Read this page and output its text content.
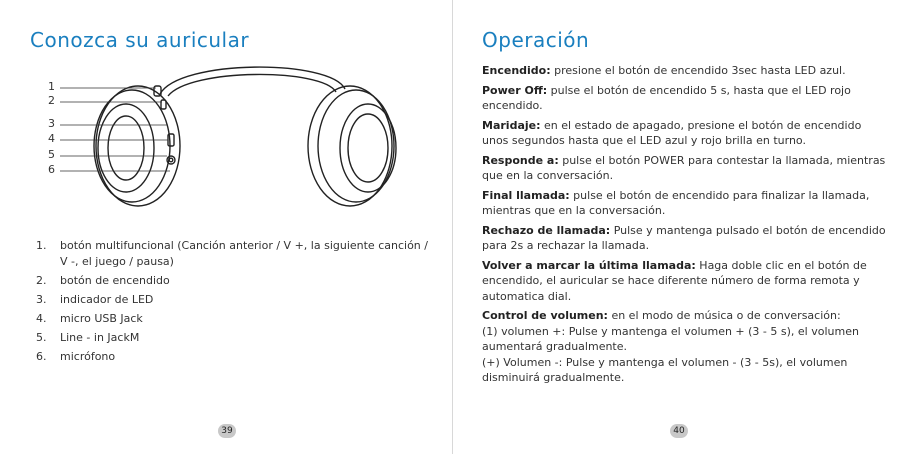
Conozca su auricular
1
2
3
4
5
6
1. botón multifuncional (Canción anterior / V +, la siguiente canción / V -, el juego / pausa)
2. botón de encendido
3. indicador de LED
4. micro USB Jack
5. Line - in JackM
6. micrófono
39
Operación

Encendido: presione el botón de encendido 3sec hasta LED azul.

Power Off: pulse el botón de encendido 5 s, hasta que el LED rojo encendido.

Maridaje: en el estado de apagado, presione el botón de encendido unos segundos hasta que el LED azul y rojo brilla en turno.

Responde a: pulse el botón POWER para contestar la llamada, mientras que en la conversación.

Final llamada: pulse el botón de encendido para finalizar la llamada, mientras que en la conversación.

Rechazo de llamada: Pulse y mantenga pulsado el botón de encendido para 2s a rechazar la llamada.

Volver a marcar la última llamada: Haga doble clic en el botón de encendido, el auricular se hace diferente número de forma remota y automatica dial.

Control de volumen: en el modo de música o de conversación:
(1) volumen +: Pulse y mantenga el volumen + (3 - 5 s), el volumen aumentará gradualmente.
(+) Volumen -: Pulse y mantenga el volumen - (3 - 5s), el volumen disminuirá gradualmente.

40
